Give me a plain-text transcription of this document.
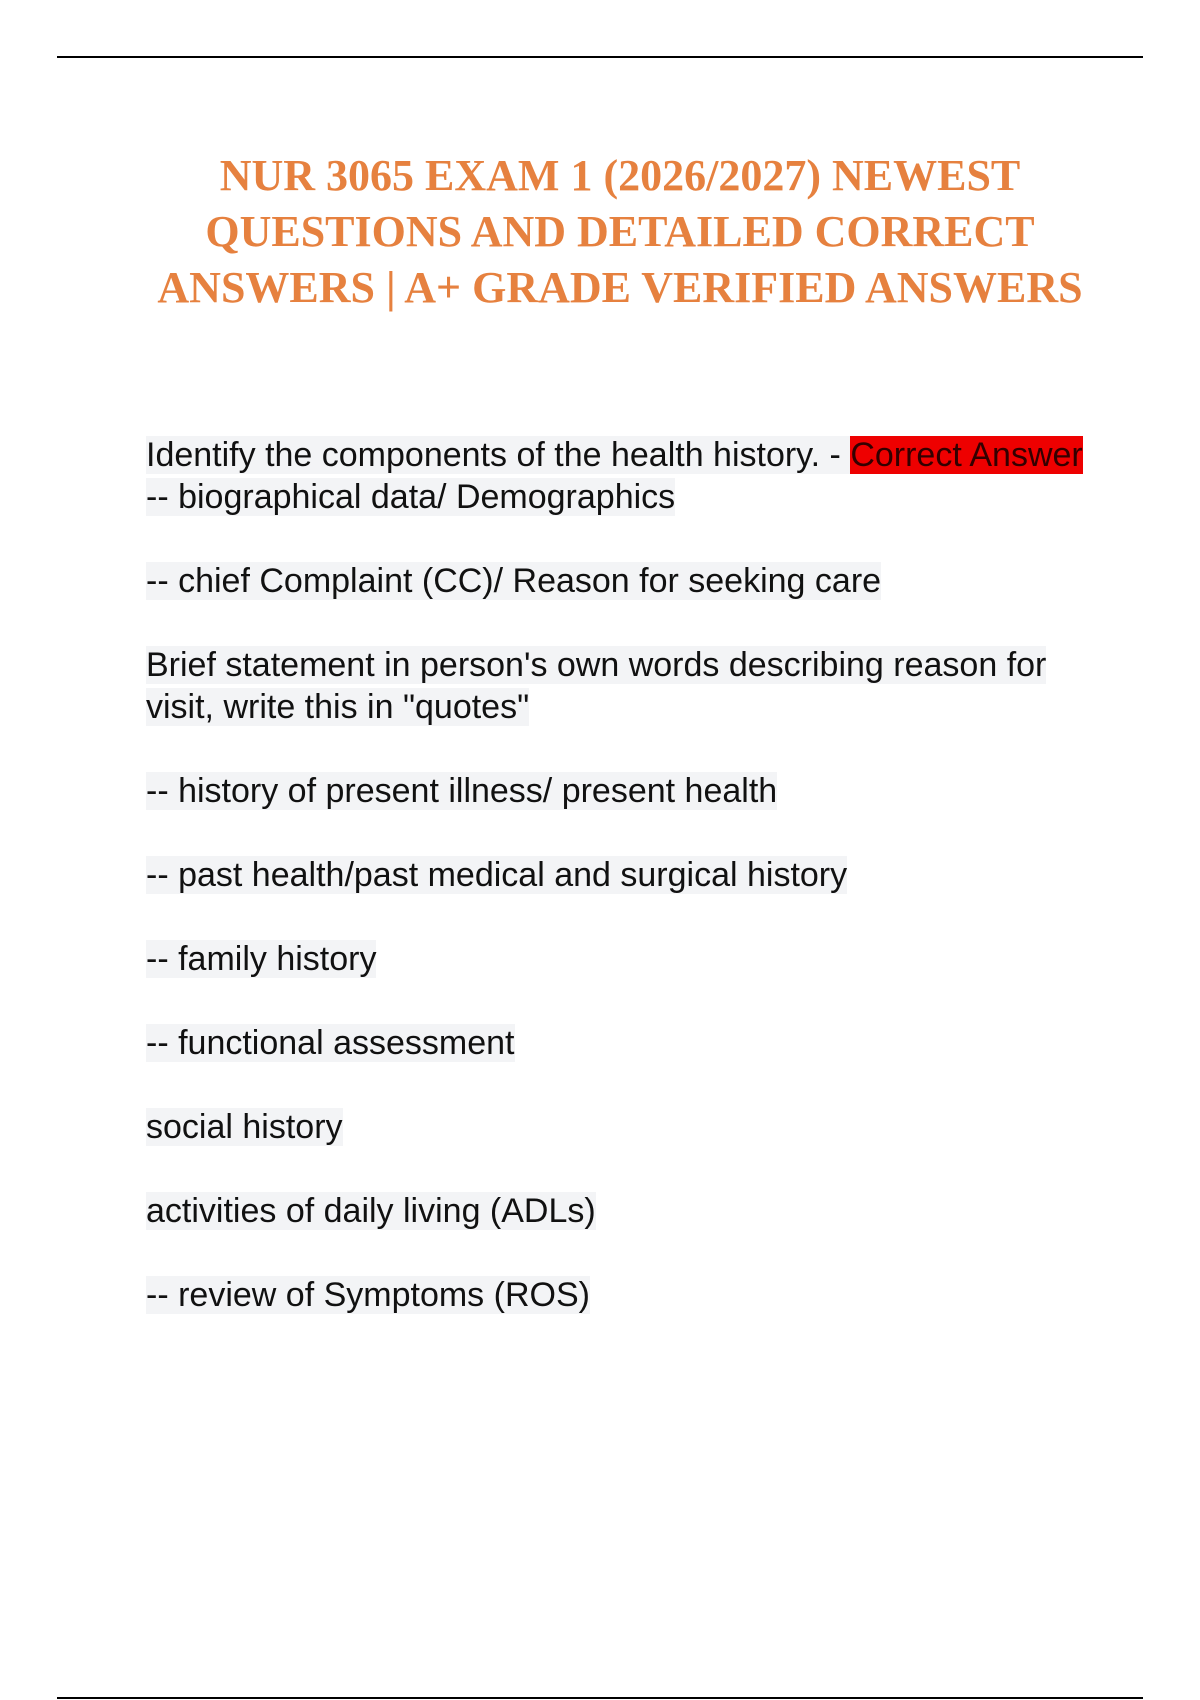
NUR 3065 EXAM 1 (2026/2027) NEWEST QUESTIONS AND DETAILED CORRECT ANSWERS | A+ GRADE VERIFIED ANSWERS

Identify the components of the health history. - Correct Answer -- biographical data/ Demographics

-- chief Complaint (CC)/ Reason for seeking care

Brief statement in person's own words describing reason for visit, write this in "quotes"

-- history of present illness/ present health

-- past health/past medical and surgical history

-- family history

-- functional assessment

social history

activities of daily living (ADLs)

-- review of Symptoms (ROS)
